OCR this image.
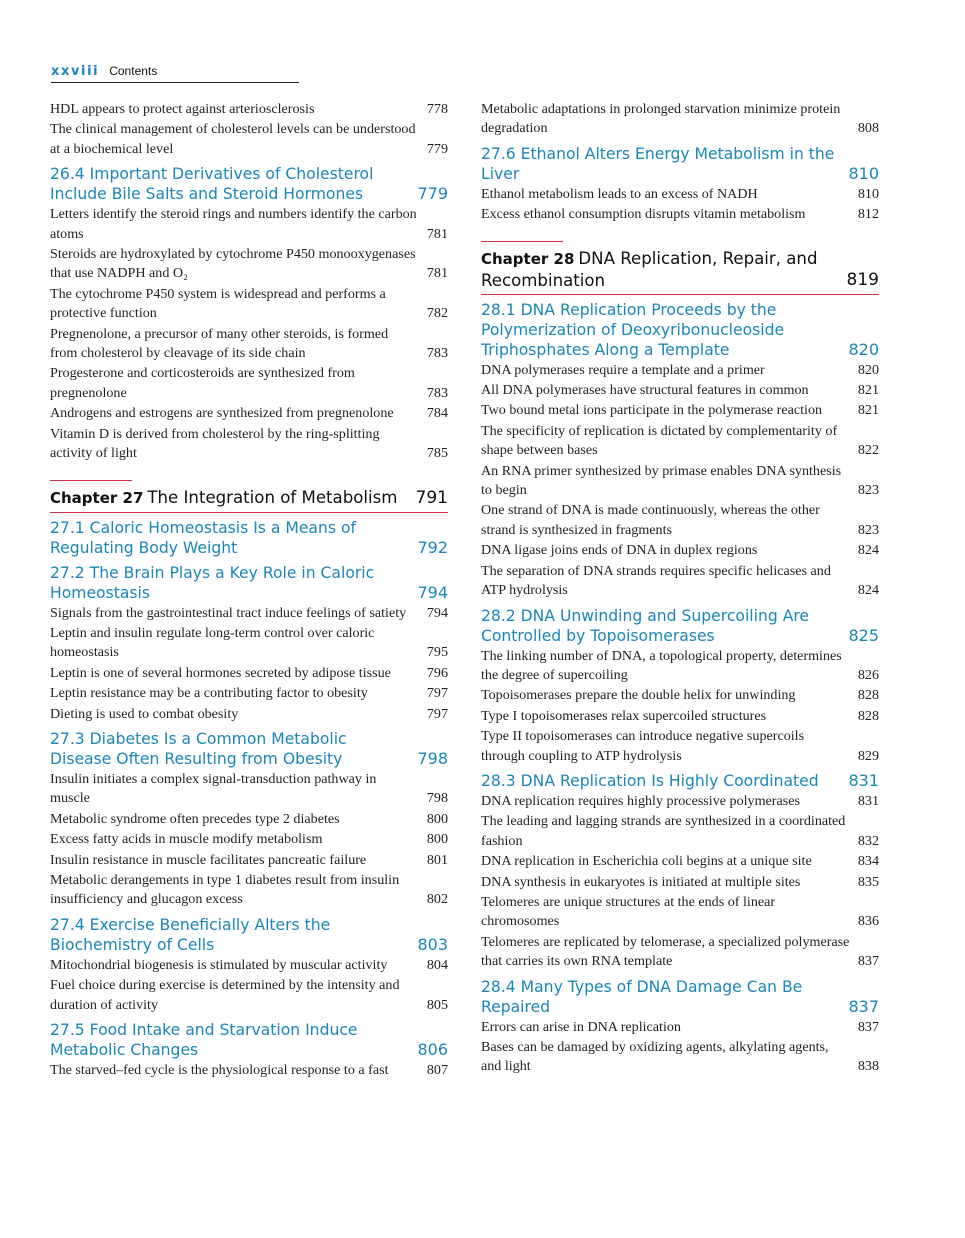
xxviii Contents
HDL appears to protect against arteriosclerosis	778
The clinical management of cholesterol levels can be understood at a biochemical level	779
26.4 Important Derivatives of Cholesterol Include Bile Salts and Steroid Hormones	779
Letters identify the steroid rings and numbers identify the carbon atoms	781
Steroids are hydroxylated by cytochrome P450 monooxygenases that use NADPH and O₂	781
The cytochrome P450 system is widespread and performs a protective function	782
Pregnenolone, a precursor of many other steroids, is formed from cholesterol by cleavage of its side chain	783
Progesterone and corticosteroids are synthesized from pregnenolone	783
Androgens and estrogens are synthesized from pregnenolone	784
Vitamin D is derived from cholesterol by the ring-splitting activity of light	785
Chapter 27 The Integration of Metabolism	791
27.1 Caloric Homeostasis Is a Means of Regulating Body Weight	792
27.2 The Brain Plays a Key Role in Caloric Homeostasis	794
Signals from the gastrointestinal tract induce feelings of satiety	794
Leptin and insulin regulate long-term control over caloric homeostasis	795
Leptin is one of several hormones secreted by adipose tissue	796
Leptin resistance may be a contributing factor to obesity	797
Dieting is used to combat obesity	797
27.3 Diabetes Is a Common Metabolic Disease Often Resulting from Obesity	798
Insulin initiates a complex signal-transduction pathway in muscle	798
Metabolic syndrome often precedes type 2 diabetes	800
Excess fatty acids in muscle modify metabolism	800
Insulin resistance in muscle facilitates pancreatic failure	801
Metabolic derangements in type 1 diabetes result from insulin insufficiency and glucagon excess	802
27.4 Exercise Beneficially Alters the Biochemistry of Cells	803
Mitochondrial biogenesis is stimulated by muscular activity	804
Fuel choice during exercise is determined by the intensity and duration of activity	805
27.5 Food Intake and Starvation Induce Metabolic Changes	806
The starved–fed cycle is the physiological response to a fast	807
Metabolic adaptations in prolonged starvation minimize protein degradation	808
27.6 Ethanol Alters Energy Metabolism in the Liver	810
Ethanol metabolism leads to an excess of NADH	810
Excess ethanol consumption disrupts vitamin metabolism	812
Chapter 28 DNA Replication, Repair, and Recombination	819
28.1 DNA Replication Proceeds by the Polymerization of Deoxyribonucleoside Triphosphates Along a Template	820
DNA polymerases require a template and a primer	820
All DNA polymerases have structural features in common	821
Two bound metal ions participate in the polymerase reaction	821
The specificity of replication is dictated by complementarity of shape between bases	822
An RNA primer synthesized by primase enables DNA synthesis to begin	823
One strand of DNA is made continuously, whereas the other strand is synthesized in fragments	823
DNA ligase joins ends of DNA in duplex regions	824
The separation of DNA strands requires specific helicases and ATP hydrolysis	824
28.2 DNA Unwinding and Supercoiling Are Controlled by Topoisomerases	825
The linking number of DNA, a topological property, determines the degree of supercoiling	826
Topoisomerases prepare the double helix for unwinding	828
Type I topoisomerases relax supercoiled structures	828
Type II topoisomerases can introduce negative supercoils through coupling to ATP hydrolysis	829
28.3 DNA Replication Is Highly Coordinated	831
DNA replication requires highly processive polymerases	831
The leading and lagging strands are synthesized in a coordinated fashion	832
DNA replication in Escherichia coli begins at a unique site	834
DNA synthesis in eukaryotes is initiated at multiple sites	835
Telomeres are unique structures at the ends of linear chromosomes	836
Telomeres are replicated by telomerase, a specialized polymerase that carries its own RNA template	837
28.4 Many Types of DNA Damage Can Be Repaired	837
Errors can arise in DNA replication	837
Bases can be damaged by oxidizing agents, alkylating agents, and light	838
